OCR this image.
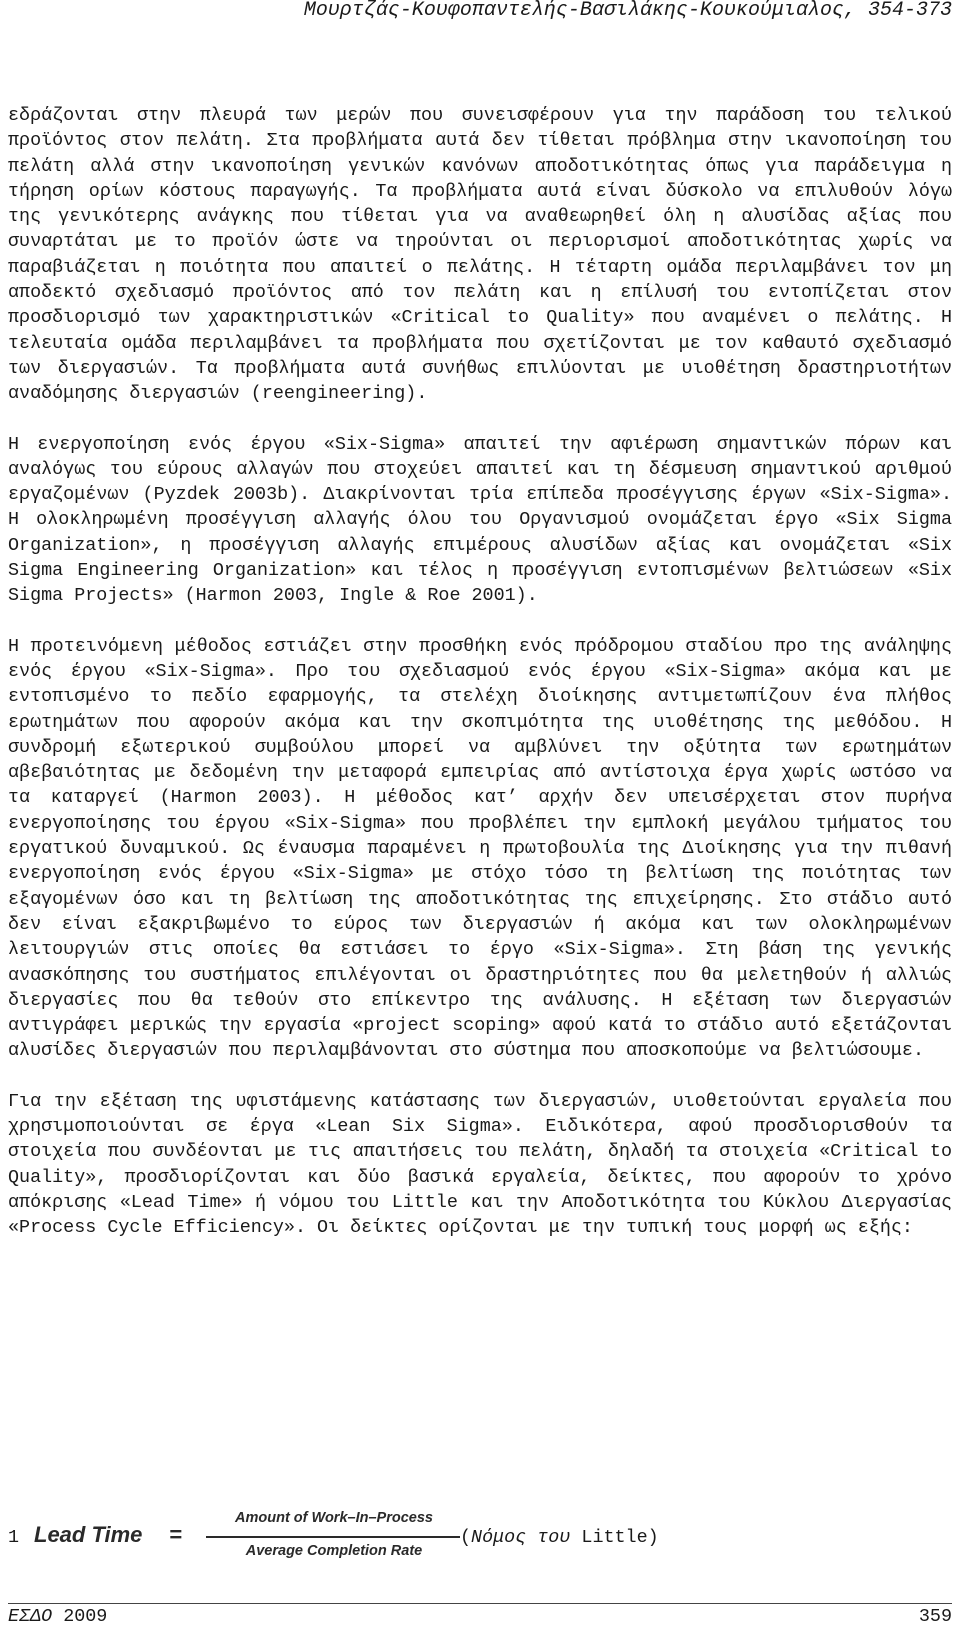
Μουρτζάς-Κουφοπαντελής-Βασιλάκης-Κουκούμιαλος, 354-373

εδράζονται στην πλευρά των μερών που συνεισφέρουν για την παράδοση του τελικού προϊόντος στον πελάτη. Στα προβλήματα αυτά δεν τίθεται πρόβλημα στην ικανοποίηση του πελάτη αλλά στην ικανοποίηση γενικών κανόνων αποδοτικότητας όπως για παράδειγμα η τήρηση ορίων κόστους παραγωγής. Τα προβλήματα αυτά είναι δύσκολο να επιλυθούν λόγω της γενικότερης ανάγκης που τίθεται για να αναθεωρηθεί όλη η αλυσίδας αξίας που συναρτάται με το προϊόν ώστε να τηρούνται οι περιορισμοί αποδοτικότητας χωρίς να παραβιάζεται η ποιότητα που απαιτεί ο πελάτης. Η τέταρτη ομάδα περιλαμβάνει τον μη αποδεκτό σχεδιασμό προϊόντος από τον πελάτη και η επίλυσή του εντοπίζεται στον προσδιορισμό των χαρακτηριστικών «Critical to Quality» που αναμένει ο πελάτης. Η τελευταία ομάδα περιλαμβάνει τα προβλήματα που σχετίζονται με τον καθαυτό σχεδιασμό των διεργασιών. Τα προβλήματα αυτά συνήθως επιλύονται με υιοθέτηση δραστηριοτήτων αναδόμησης διεργασιών (reengineering).

Η ενεργοποίηση ενός έργου «Six-Sigma» απαιτεί την αφιέρωση σημαντικών πόρων και αναλόγως του εύρους αλλαγών που στοχεύει απαιτεί και τη δέσμευση σημαντικού αριθμού εργαζομένων (Pyzdek 2003b). Διακρίνονται τρία επίπεδα προσέγγισης έργων «Six-Sigma». Η ολοκληρωμένη προσέγγιση αλλαγής όλου του Οργανισμού ονομάζεται έργο «Six Sigma Organization», η προσέγγιση αλλαγής επιμέρους αλυσίδων αξίας και ονομάζεται «Six Sigma Engineering Organization» και τέλος η προσέγγιση εντοπισμένων βελτιώσεων «Six Sigma Projects» (Harmon 2003, Ingle & Roe 2001).

Η προτεινόμενη μέθοδος εστιάζει στην προσθήκη ενός πρόδρομου σταδίου προ της ανάληψης ενός έργου «Six-Sigma». Προ του σχεδιασμού ενός έργου «Six-Sigma» ακόμα και με εντοπισμένο το πεδίο εφαρμογής, τα στελέχη διοίκησης αντιμετωπίζουν ένα πλήθος ερωτημάτων που αφορούν ακόμα και την σκοπιμότητα της υιοθέτησης της μεθόδου. Η συνδρομή εξωτερικού συμβούλου μπορεί να αμβλύνει την οξύτητα των ερωτημάτων αβεβαιότητας με δεδομένη την μεταφορά εμπειρίας από αντίστοιχα έργα χωρίς ωστόσο να τα καταργεί (Harmon 2003). Η μέθοδος κατ’ αρχήν δεν υπεισέρχεται στον πυρήνα ενεργοποίησης του έργου «Six-Sigma» που προβλέπει την εμπλοκή μεγάλου τμήματος του εργατικού δυναμικού. Ως έναυσμα παραμένει η πρωτοβουλία της Διοίκησης για την πιθανή ενεργοποίηση ενός έργου «Six-Sigma» με στόχο τόσο τη βελτίωση της ποιότητας των εξαγομένων όσο και τη βελτίωση της αποδοτικότητας της επιχείρησης. Στο στάδιο αυτό δεν είναι εξακριβωμένο το εύρος των διεργασιών ή ακόμα και των ολοκληρωμένων λειτουργιών στις οποίες θα εστιάσει το έργο «Six-Sigma». Στη βάση της γενικής ανασκόπησης του συστήματος επιλέγονται οι δραστηριότητες που θα μελετηθούν ή αλλιώς διεργασίες που θα τεθούν στο επίκεντρο της ανάλυσης. Η εξέταση των διεργασιών αντιγράφει μερικώς την εργασία «project scoping» αφού κατά το στάδιο αυτό εξετάζονται αλυσίδες διεργασιών που περιλαμβάνονται στο σύστημα που αποσκοπούμε να βελτιώσουμε.

Για την εξέταση της υφιστάμενης κατάστασης των διεργασιών, υιοθετούνται εργαλεία που χρησιμοποιούνται σε έργα «Lean Six Sigma». Ειδικότερα, αφού προσδιορισθούν τα στοιχεία που συνδέονται με τις απαιτήσεις του πελάτη, δηλαδή τα στοιχεία «Critical to Quality», προσδιορίζονται και δύο βασικά εργαλεία, δείκτες, που αφορούν το χρόνο απόκρισης «Lead Time» ή νόμου του Little και την Αποδοτικότητα του Κύκλου Διεργασίας «Process Cycle Efficiency». Οι δείκτες ορίζονται με την τυπική τους μορφή ως εξής:

1 Lead Time =
Amount of Work–In–Process
Average Completion Rate
(Νόμος του Little)
ΕΣΔΟ 2009	359
